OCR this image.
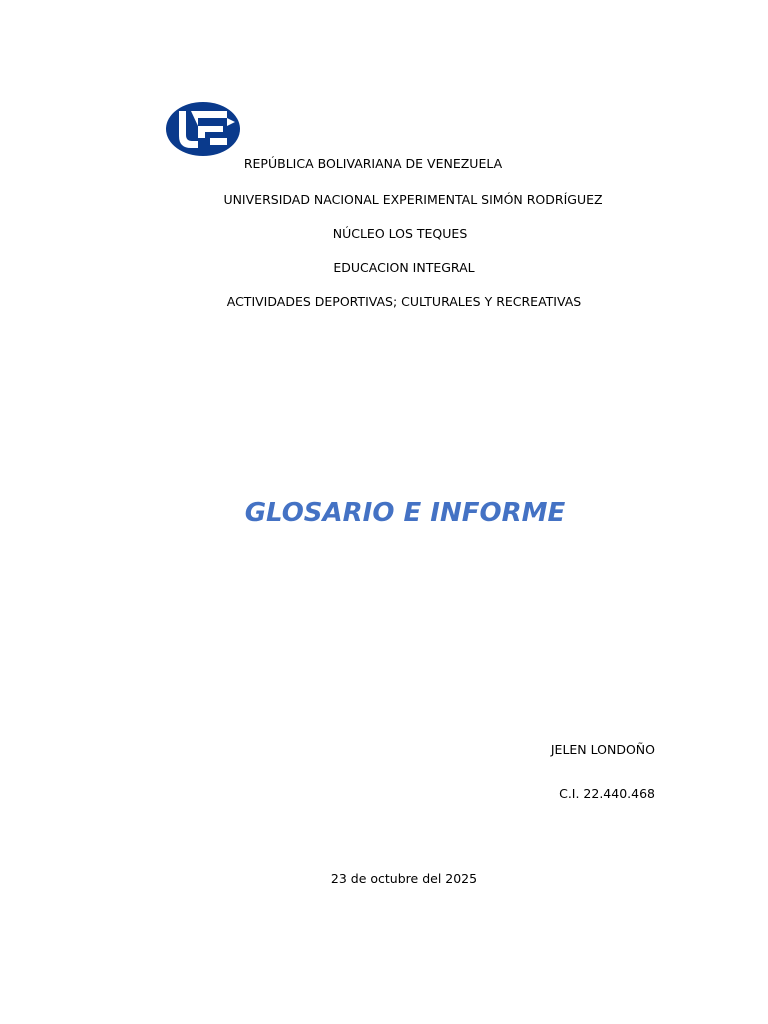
REPÚBLICA BOLIVARIANA DE VENEZUELA
UNIVERSIDAD NACIONAL EXPERIMENTAL SIMÓN RODRÍGUEZ
NÚCLEO LOS TEQUES
EDUCACION INTEGRAL
ACTIVIDADES DEPORTIVAS; CULTURALES Y RECREATIVAS
GLOSARIO E INFORME
JELEN LONDOÑO
C.I. 22.440.468
23 de octubre del 2025
